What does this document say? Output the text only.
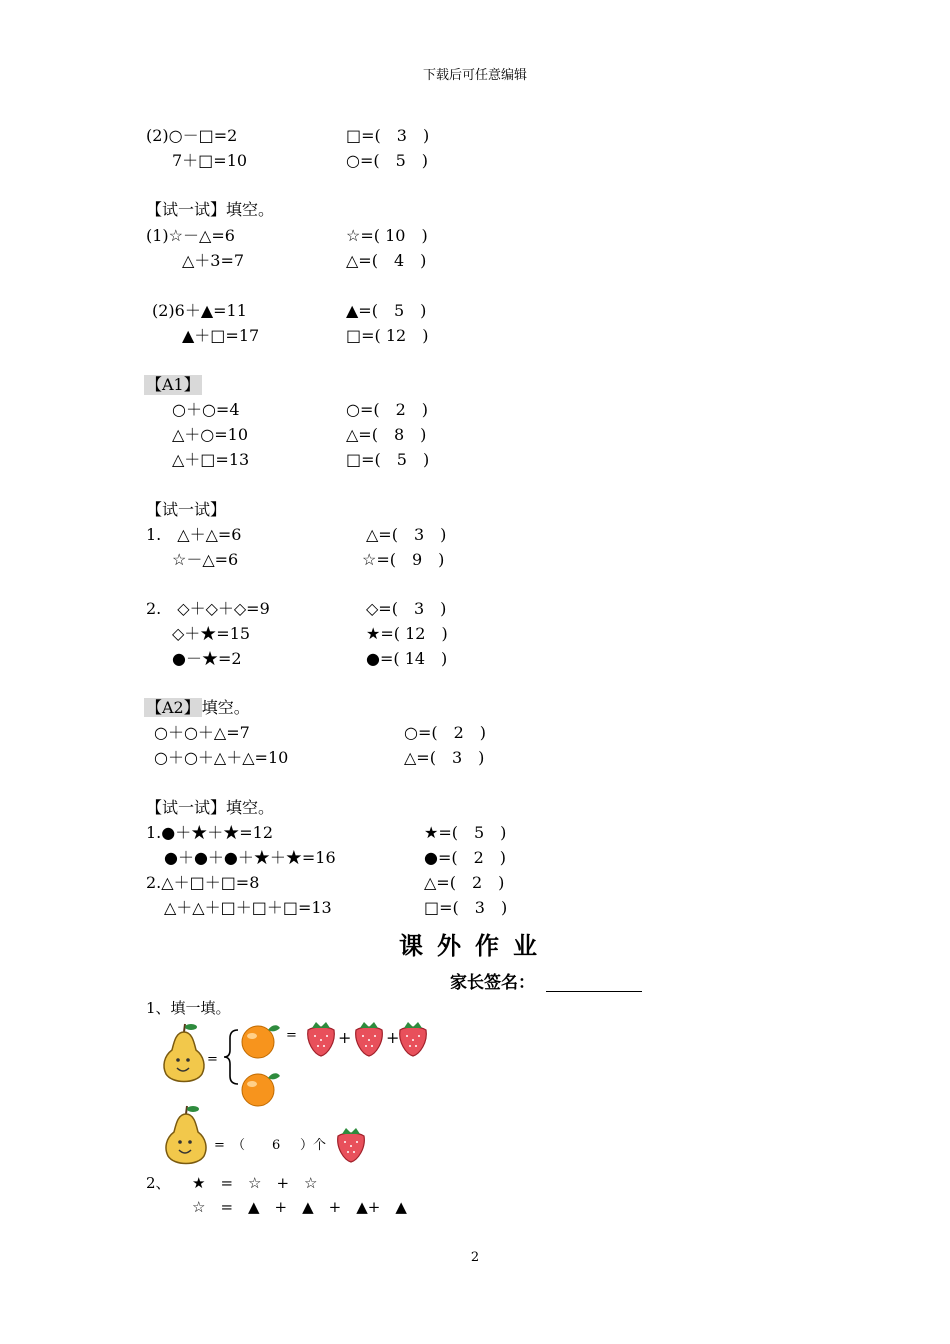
下载后可任意编辑
(2)○－□=2	□=(　3　)
7＋□=10	○=(　5　)
【试一试】填空。
(1)☆－△=6	☆=( 10　)
△＋3=7	△=(　4　)
(2)6＋▲=11	▲=(　5　)
▲＋□=17	□=( 12　)
【A1】
○＋○=4	○=(　2　)
△＋○=10	△=(　8　)
△＋□=13	□=(　5　)
【试一试】
1.　△＋△=6	△=(　3　)
☆－△=6	☆=(　9　)
2.　◇＋◇＋◇=9	◇=(　3　)
◇＋★=15	★=( 12　)
●－★=2	●=( 14　)
【A2】 填空。
○＋○＋△=7	○=(　2　)
○＋○＋△＋△=10	△=(　3　)
【试一试】填空。
1.●＋★＋★=12	★=(　5　)
●＋●＋●＋★＋★=16	●=(　2　)
2.△＋□＋□=8	△=(　2　)
△＋△＋□＋□＋□=13	□=(　3　)
课外作业
家长签名：
1、填一填。
=
=	+ +
= （ 6 ）个
2、 ★　=　☆　+　☆
☆　=　▲　+　▲　+　▲+　▲
2
